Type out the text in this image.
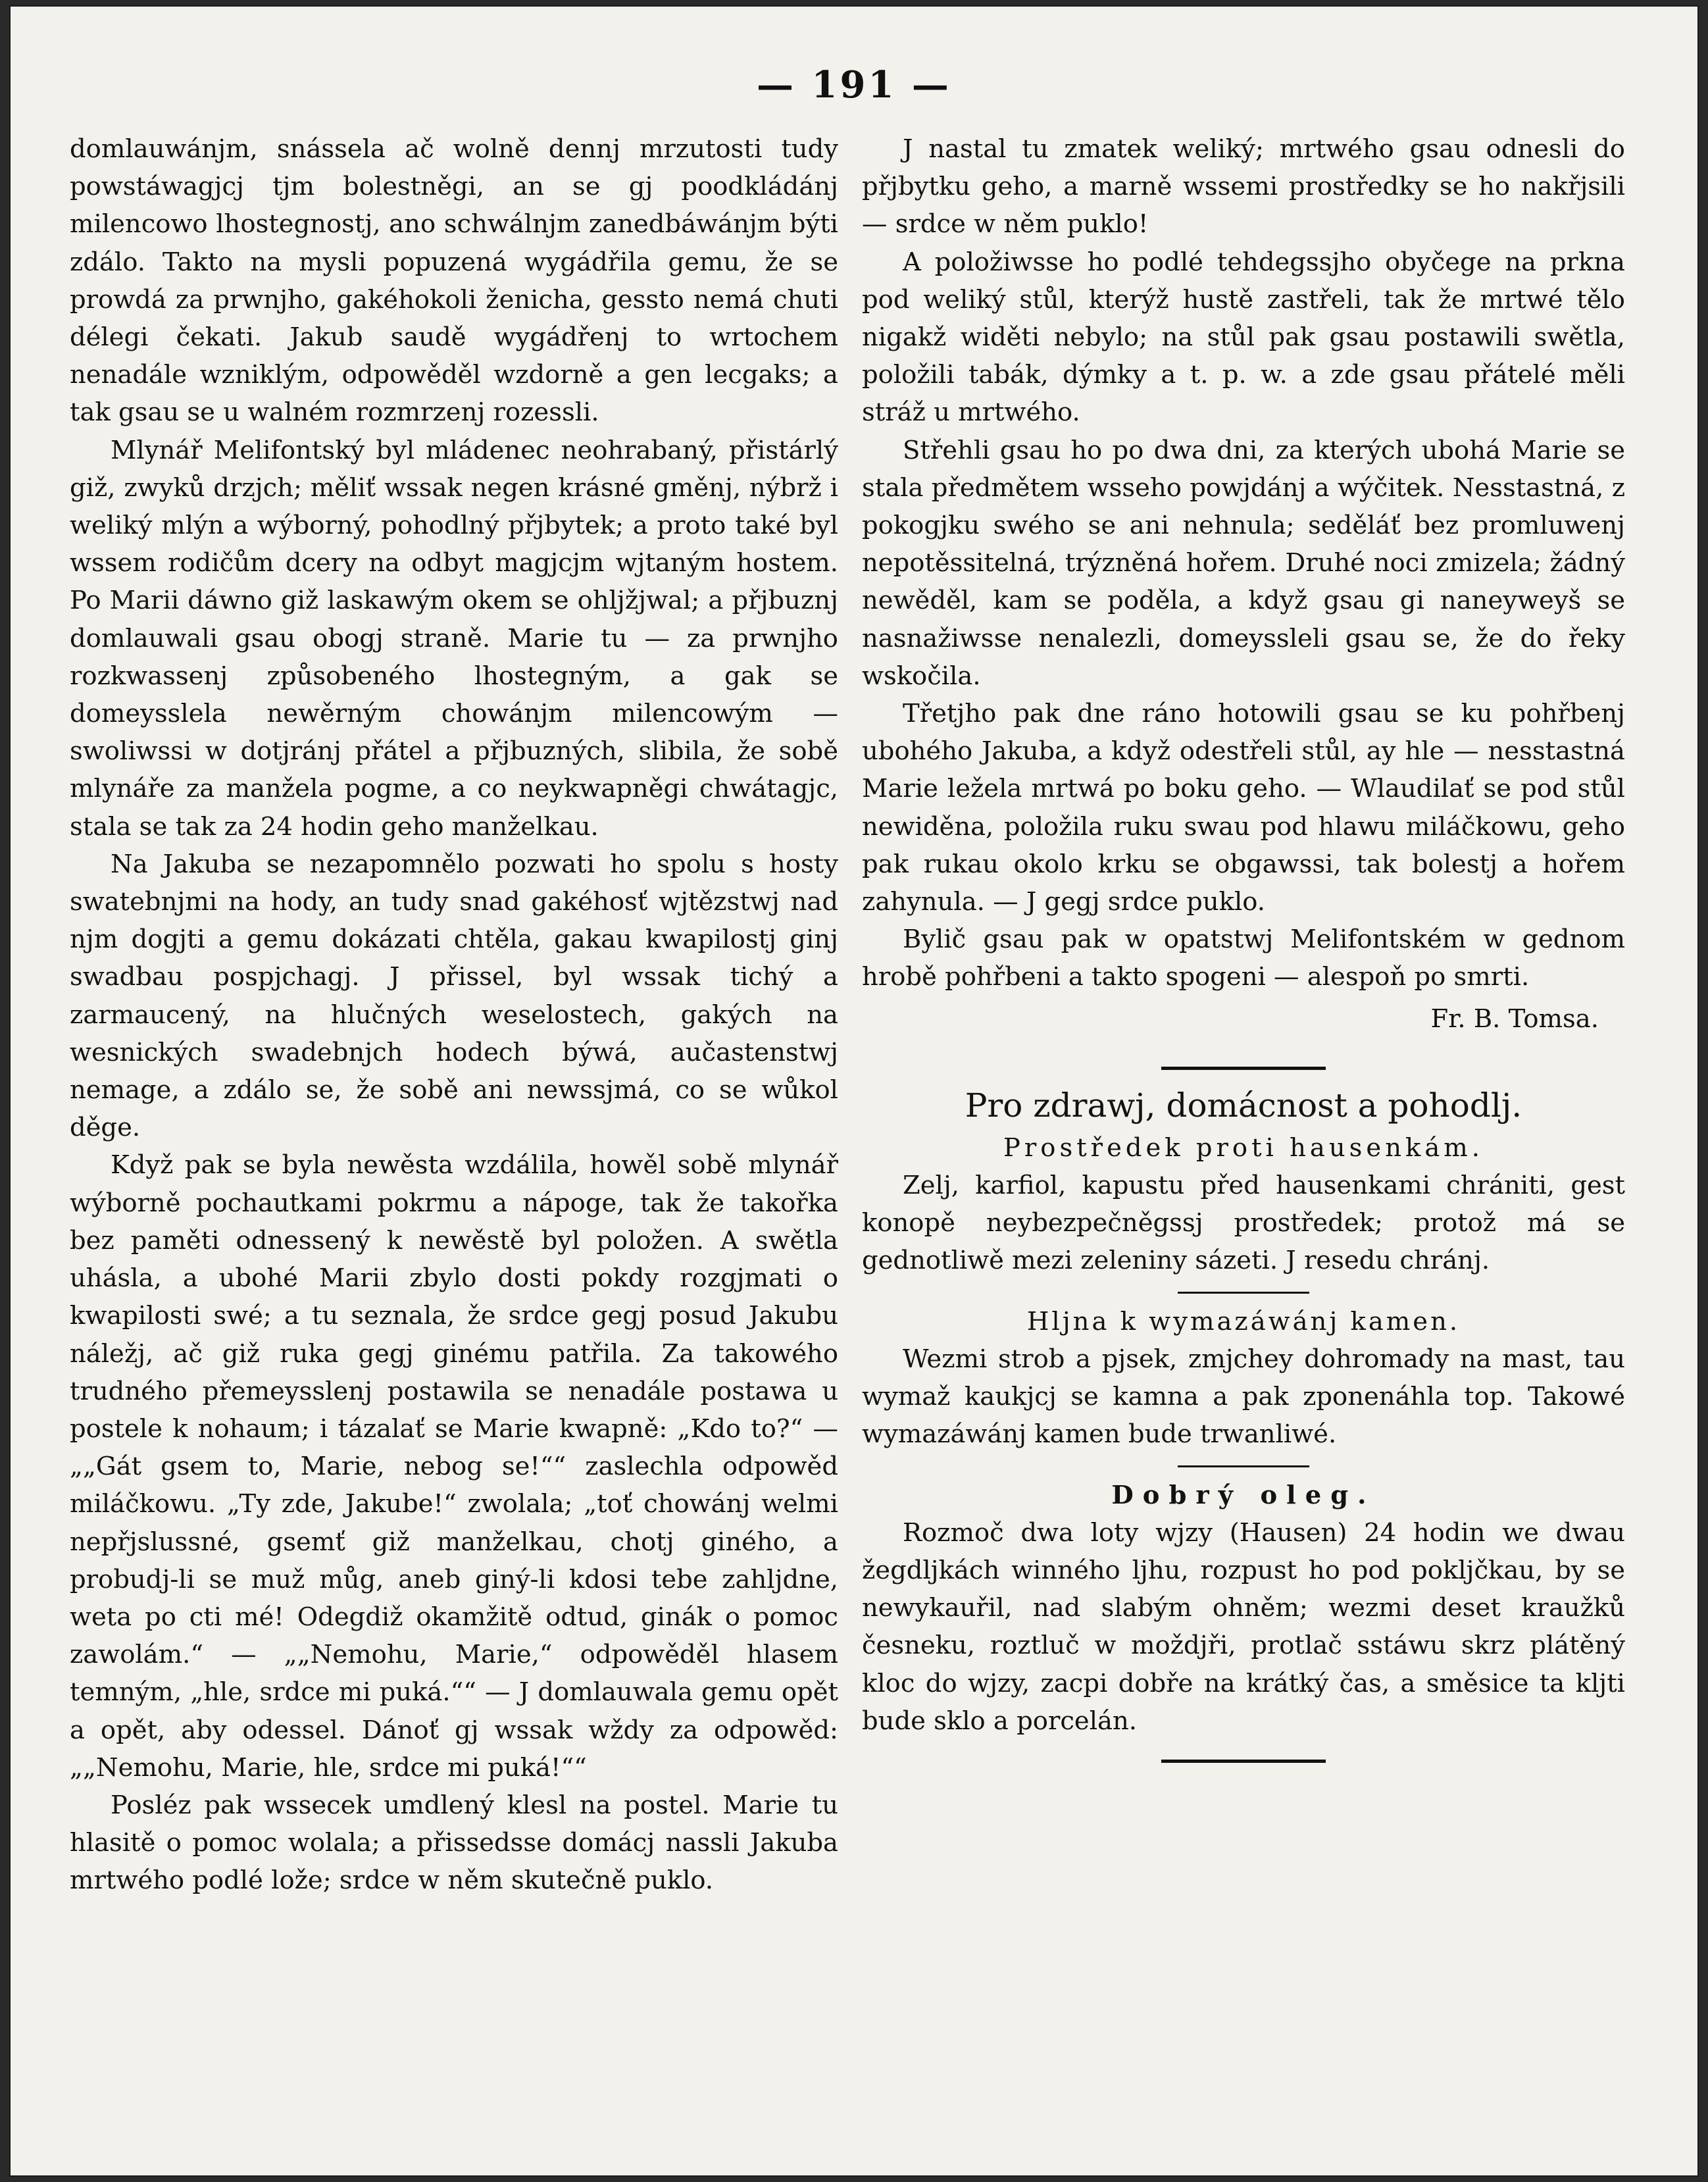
— 191 —

domlauwánjm, snássela ač wolně dennj mrzutosti tudy powstáwagjcj tjm bolestněgi, an se gj poodkládánj milencowo lhostegnostj, ano schwálnjm zanedbáwánjm býti zdálo. Takto na mysli popuzená wygádřila gemu, že se prowdá za prwnjho, gakéhokoli ženicha, gessto nemá chuti délegi čekati. Jakub saudě wygádřenj to wrtochem nenadále wzniklým, odpowěděl wzdorně a gen lecgaks; a tak gsau se u walném rozmrzenj rozessli.

Mlynář Melifontský byl mládenec neohrabaný, přistárlý giž, zwyků drzjch; měliť wssak negen krásné gměnj, nýbrž i weliký mlýn a wýborný, pohodlný přjbytek; a proto také byl wssem rodičům dcery na odbyt magjcjm wjtaným hostem. Po Marii dáwno giž laskawým okem se ohljžjwal; a přjbuznj domlauwali gsau obogj straně. Marie tu — za prwnjho rozkwassenj způsobeného lhostegným, a gak se domeysslela newěrným chowánjm milencowým — swoliwssi w dotjránj přátel a přjbuzných, slibila, že sobě mlynáře za manžela pogme, a co neykwapněgi chwátagjc, stala se tak za 24 hodin geho manželkau.

Na Jakuba se nezapomnělo pozwati ho spolu s hosty swatebnjmi na hody, an tudy snad gakéhosť wjtězstwj nad njm dogjti a gemu dokázati chtěla, gakau kwapilostj ginj swadbau pospjchagj. J přissel, byl wssak tichý a zarmaucený, na hlučných weselostech, gakých na wesnických swadebnjch hodech býwá, aučastenstwj nemage, a zdálo se, že sobě ani newssjmá, co se wůkol děge.

Když pak se byla newěsta wzdálila, howěl sobě mlynář wýborně pochautkami pokrmu a nápoge, tak že takořka bez paměti odnessený k newěstě byl položen. A swětla uhásla, a ubohé Marii zbylo dosti pokdy rozgjmati o kwapilosti swé; a tu seznala, že srdce gegj posud Jakubu náležj, ač giž ruka gegj ginému patřila. Za takowého trudného přemeysslenj postawila se nenadále postawa u postele k nohaum; i tázalať se Marie kwapně: „Kdo to?“ — „„Gát gsem to, Marie, nebog se!““ zaslechla odpowěd miláčkowu. „Ty zde, Jakube!“ zwolala; „toť chowánj welmi nepřjslussné, gsemť giž manželkau, chotj giného, a probudj-li se muž můg, aneb giný-li kdosi tebe zahljdne, weta po cti mé! Odegdiž okamžitě odtud, ginák o pomoc zawolám.“ — „„Nemohu, Marie,“ odpowěděl hlasem temným, „hle, srdce mi puká.““ — J domlauwala gemu opět a opět, aby odessel. Dánoť gj wssak wždy za odpowěd: „„Nemohu, Marie, hle, srdce mi puká!““

Posléz pak wssecek umdlený klesl na postel. Marie tu hlasitě o pomoc wolala; a přissedsse domácj nassli Jakuba mrtwého podlé lože; srdce w něm skutečně puklo.

J nastal tu zmatek weliký; mrtwého gsau odnesli do přjbytku geho, a marně wssemi prostředky se ho nakřjsili — srdce w něm puklo!

A položiwsse ho podlé tehdegssjho obyčege na prkna pod weliký stůl, kterýž hustě zastřeli, tak že mrtwé tělo nigakž widěti nebylo; na stůl pak gsau postawili swětla, položili tabák, dýmky a t. p. w. a zde gsau přátelé měli stráž u mrtwého.

Střehli gsau ho po dwa dni, za kterých ubohá Marie se stala předmětem wsseho powjdánj a wýčitek. Nesstastná, z pokogjku swého se ani nehnula; seděláť bez promluwenj nepotěssitelná, trýzněná hořem. Druhé noci zmizela; žádný newěděl, kam se poděla, a když gsau gi naneyweyš se nasnažiwsse nenalezli, domeyssleli gsau se, že do řeky wskočila.

Třetjho pak dne ráno hotowili gsau se ku pohřbenj ubohého Jakuba, a když odestřeli stůl, ay hle — nesstastná Marie ležela mrtwá po boku geho. — Wlaudilať se pod stůl newiděna, položila ruku swau pod hlawu miláčkowu, geho pak rukau okolo krku se obgawssi, tak bolestj a hořem zahynula. — J gegj srdce puklo.

Bylič gsau pak w opatstwj Melifontském w gednom hrobě pohřbeni a takto spogeni — alespoň po smrti.

Fr. B. Tomsa.
Pro zdrawj, domácnost a pohodlj.
Prostředek proti hausenkám.

Zelj, karfiol, kapustu před hausenkami chrániti, gest konopě neybezpečněgssj prostředek; protož má se gednotliwě mezi zeleniny sázeti. J resedu chránj.

Hljna k wymazáwánj kamen.

Wezmi strob a pjsek, zmjchey dohromady na mast, tau wymaž kaukjcj se kamna a pak zponenáhla top. Takowé wymazáwánj kamen bude trwanliwé.

Dobrý oleg.

Rozmoč dwa loty wjzy (Hausen) 24 hodin we dwau žegdljkách winného ljhu, rozpust ho pod pokljčkau, by se newykauřil, nad slabým ohněm; wezmi deset kraužků česneku, roztluč w moždjři, protlač sstáwu skrz plátěný kloc do wjzy, zacpi dobře na krátký čas, a směsice ta kljti bude sklo a porcelán.
